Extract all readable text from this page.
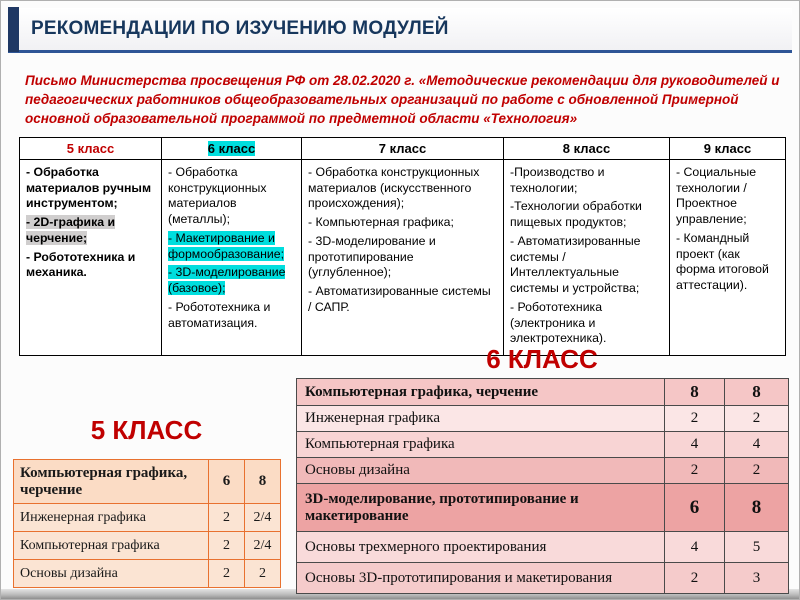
РЕКОМЕНДАЦИИ ПО ИЗУЧЕНИЮ МОДУЛЕЙ
Письмо Министерства просвещения РФ от 28.02.2020 г. «Методические рекомендации для руководителей и педагогических работников общеобразовательных организаций по работе с обновленной Примерной основной образовательной программой по предметной области «Технология»
5 класс	6 класс	7 класс	8 класс	9 класс

- Обработка материалов ручным инструментом;
- 2D-графика и черчение;
- Робототехника и механика.

- Обработка конструкционных материалов (металлы);
- Макетирование и формообразование;
- 3D-моделирование (базовое);
- Робототехника и автоматизация.

- Обработка конструкционных материалов (искусственного происхождения);
- Компьютерная графика;
- 3D-моделирование и прототипирование (углубленное);
- Автоматизированные системы / САПР.

-Производство и технологии;
-Технологии обработки пищевых продуктов;
- Автоматизированные системы / Интеллектуальные системы и устройства;
- Робототехника (электроника и электротехника).

- Социальные технологии / Проектное управление;
- Командный проект (как форма итоговой аттестации).
6 КЛАСС
5 КЛАСС
Компьютерная графика, черчение	6	8
Инженерная графика	2	2/4
Компьютерная графика	2	2/4
Основы дизайна	2	2
Компьютерная графика, черчение	8	8
Инженерная графика	2	2
Компьютерная графика	4	4
Основы дизайна	2	2
3D-моделирование, прототипирование и макетирование	6	8
Основы трехмерного проектирования	4	5
Основы 3D-прототипирования и макетирования	2	3
